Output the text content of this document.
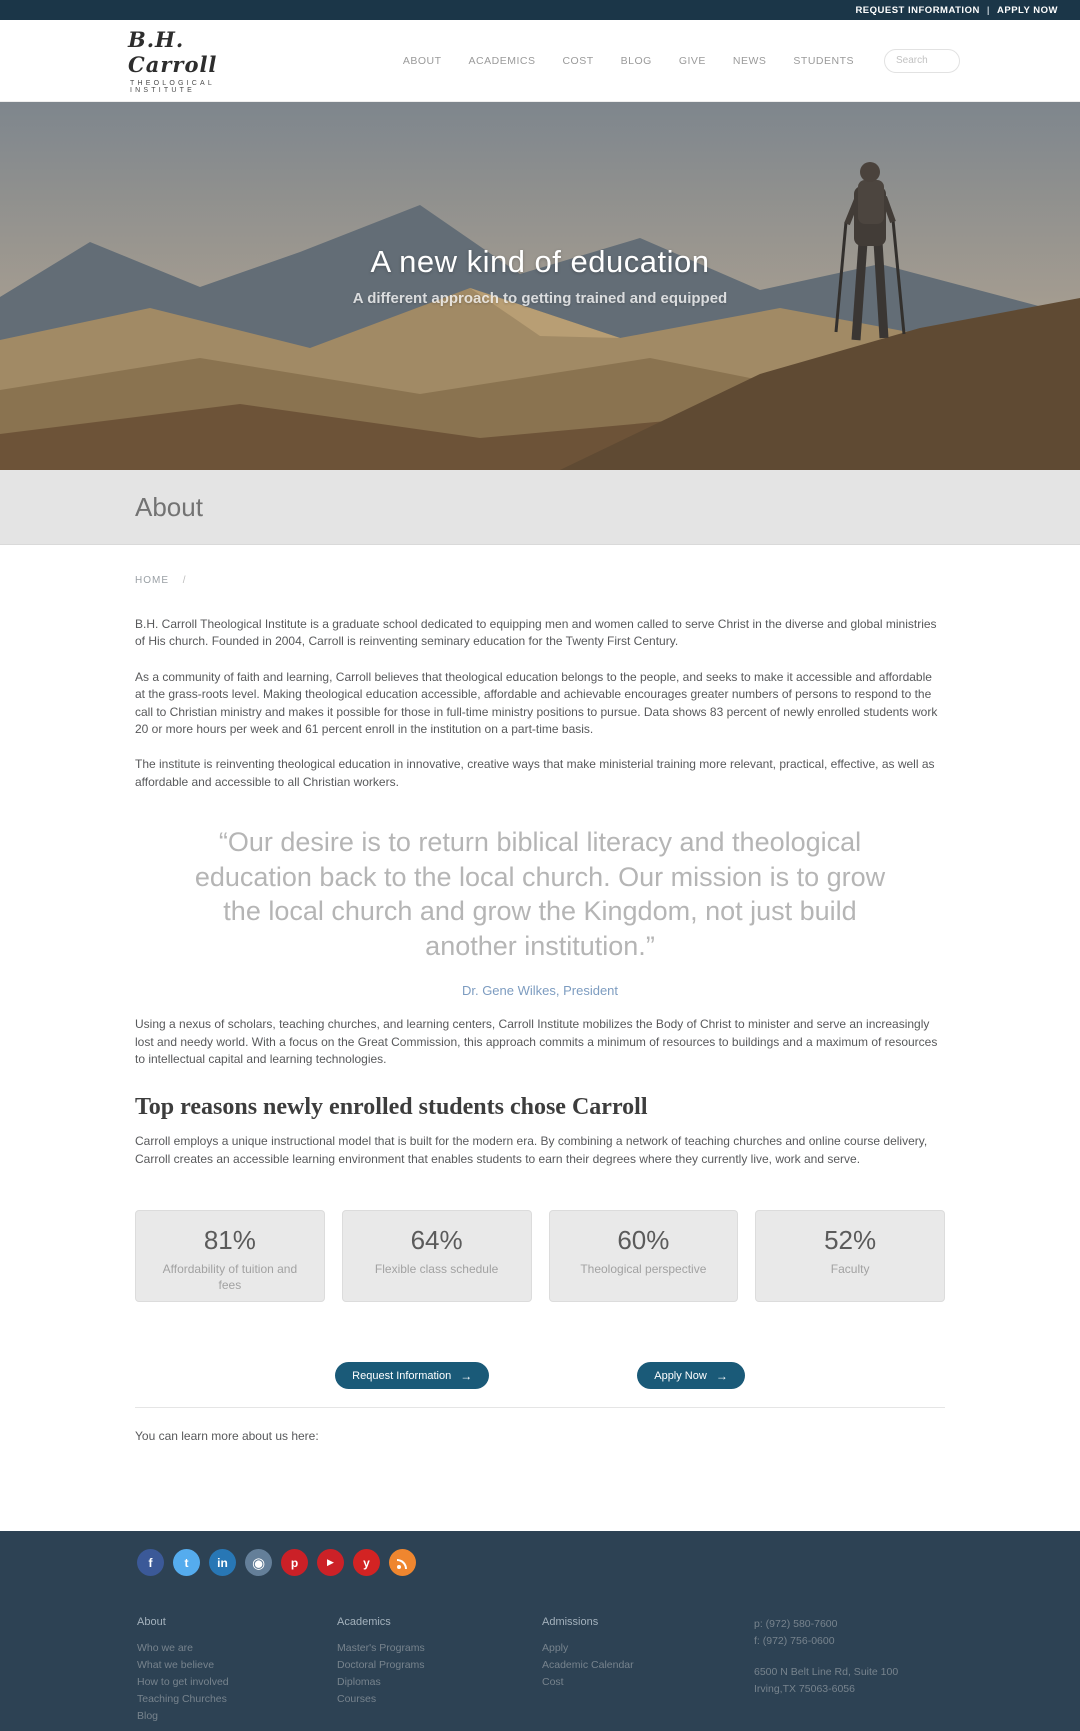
REQUEST INFORMATION | APPLY NOW
B.H. Carroll
THEOLOGICAL INSTITUTE
ABOUT	ACADEMICS	COST	BLOG	GIVE	NEWS	STUDENTS
Search
A new kind of education

A different approach to getting trained and equipped

About
HOME /

B.H. Carroll Theological Institute is a graduate school dedicated to equipping men and women called to serve Christ in the diverse and global ministries of His church. Founded in 2004, Carroll is reinventing seminary education for the Twenty First Century.

As a community of faith and learning, Carroll believes that theological education belongs to the people, and seeks to make it accessible and affordable at the grass-roots level. Making theological education accessible, affordable and achievable encourages greater numbers of persons to respond to the call to Christian ministry and makes it possible for those in full-time ministry positions to pursue. Data shows 83 percent of newly enrolled students work 20 or more hours per week and 61 percent enroll in the institution on a part-time basis.

The institute is reinventing theological education in innovative, creative ways that make ministerial training more relevant, practical, effective, as well as affordable and accessible to all Christian workers.

“Our desire is to return biblical literacy and theological education back to the local church. Our mission is to grow the local church and grow the Kingdom, not just build another institution.”
Dr. Gene Wilkes, President

Using a nexus of scholars, teaching churches, and learning centers, Carroll Institute mobilizes the Body of Christ to minister and serve an increasingly lost and needy world. With a focus on the Great Commission, this approach commits a minimum of resources to buildings and a maximum of resources to intellectual capital and learning technologies.

Top reasons newly enrolled students chose Carroll

Carroll employs a unique instructional model that is built for the modern era. By combining a network of teaching churches and online course delivery, Carroll creates an accessible learning environment that enables students to earn their degrees where they currently live, work and serve.

81%
Affordability of tuition and fees
64%
Flexible class schedule
60%
Theological perspective
52%
Faculty
Request Information →	Apply Now →

You can learn more about us here:

f	t	in	◉	p	▶	y
About
Who we are
What we believe
How to get involved
Teaching Churches
Blog
Academics
Master's Programs
Doctoral Programs
Diplomas
Courses
Admissions
Apply
Academic Calendar
Cost
p: (972) 580-7600
f: (972) 756-0600
6500 N Belt Line Rd, Suite 100
Irving,TX 75063-6056
